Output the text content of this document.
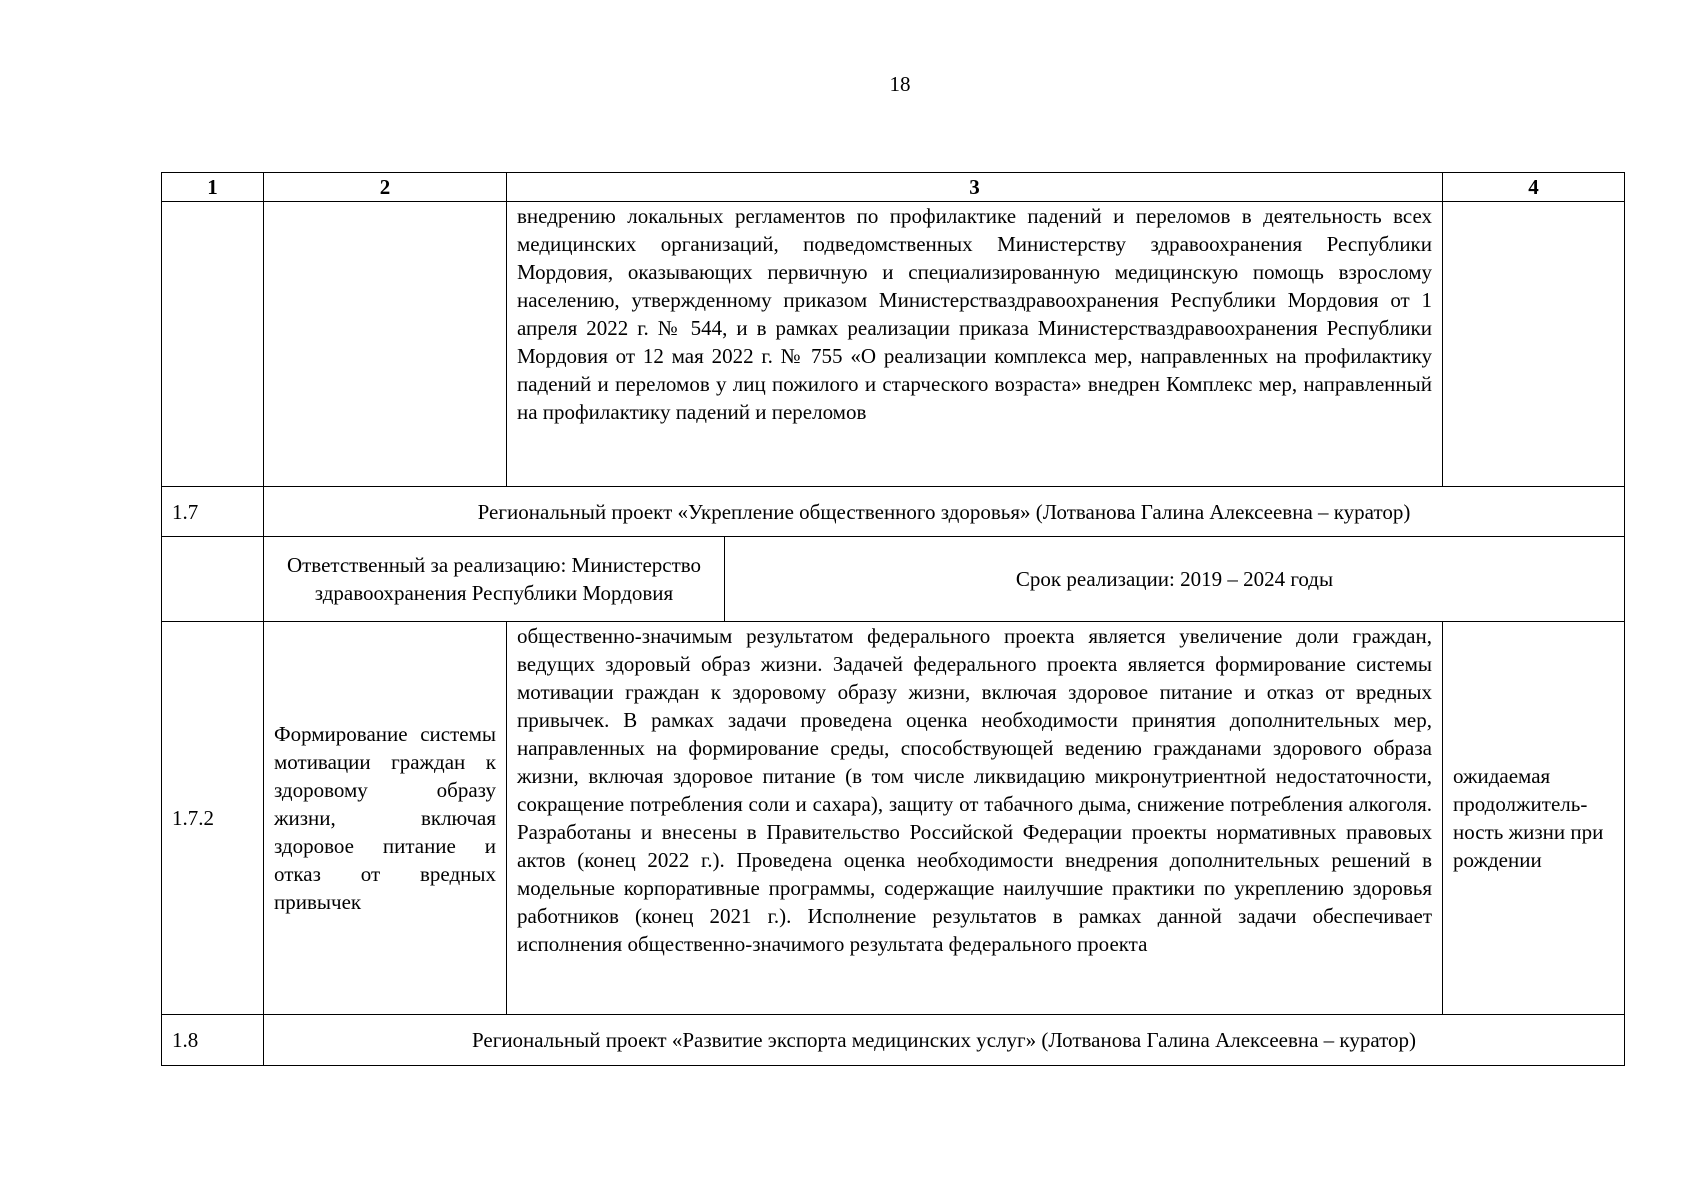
18
1	2	3		4
		внедрению локальных регламентов по профилактике падений и переломов в деятельность всех медицинских организаций, подведомственных Министерству здравоохранения Республики Мордовия, оказывающих первичную и специализированную медицинскую помощь взрослому населению, утвержденному приказом Министерстваздравоохранения Республики Мордовия от 1 апреля 2022 г. № 544, и в рамках реализации приказа Министерстваздравоохранения Республики Мордовия от 12 мая 2022 г. № 755 «О реализации комплекса мер, направленных на профилактику падений и переломов у лиц пожилого и старческого возраста» внедрен Комплекс мер, направленный на профилактику падений и переломов		
1.7	Региональный проект «Укрепление общественного здоровья» (Лотванова Галина Алексеевна – куратор)			
	Ответственный за реализацию: Министерство здравоохранения Республики Мордовия		Срок реализации: 2019 – 2024 годы	
1.7.2	Формирование системы мотивации граждан к здоровому образу жизни, включая здоровое питание и отказ от вредных привычек	общественно-значимым результатом федерального проекта является увеличение доли граждан, ведущих здоровый образ жизни. Задачей федерального проекта является формирование системы мотивации граждан к здоровому образу жизни, включая здоровое питание и отказ от вредных привычек. В рамках задачи проведена оценка необходимости принятия дополнительных мер, направленных на формирование среды, способствующей ведению гражданами здорового образа жизни, включая здоровое питание (в том числе ликвидацию микронутриентной недостаточности, сокращение потребления соли и сахара), защиту от табачного дыма, снижение потребления алкоголя. Разработаны и внесены в Правительство Российской Федерации проекты нормативных правовых актов (конец 2022 г.). Проведена оценка необходимости внедрения дополнительных решений в модельные корпоративные программы, содержащие наилучшие практики по укреплению здоровья работников (конец 2021 г.). Исполнение результатов в рамках данной задачи обеспечивает исполнения общественно-значимого результата федерального проекта		ожидаемая продолжитель-ность жизни при рождении
1.8	Региональный проект «Развитие экспорта медицинских услуг» (Лотванова Галина Алексеевна – куратор)			
